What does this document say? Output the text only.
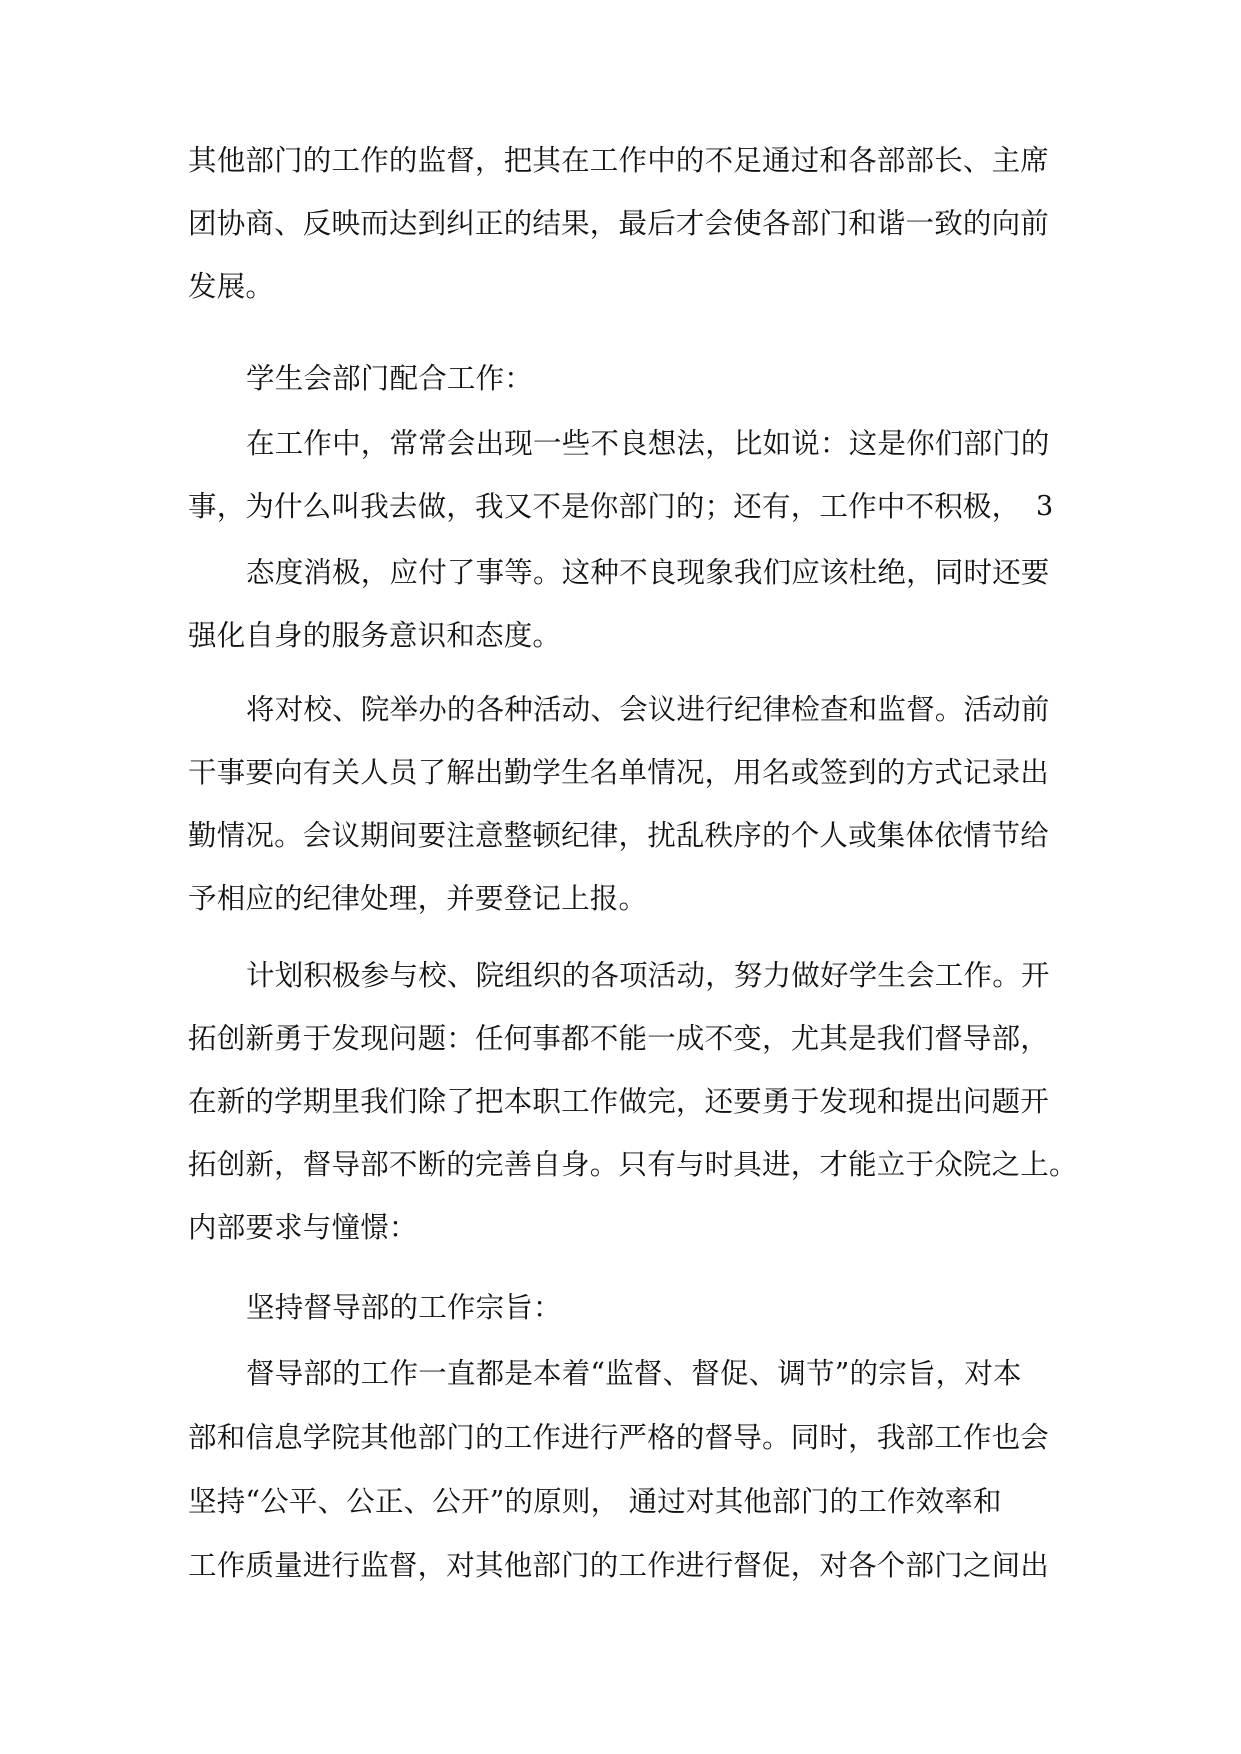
其他部门的工作的监督，把其在工作中的不足通过和各部部长、主席
团协商、反映而达到纠正的结果，最后才会使各部门和谐一致的向前
发展。
学生会部门配合工作：
在工作中，常常会出现一些不良想法，比如说：这是你们部门的
事，为什么叫我去做，我又不是你部门的；还有，工作中不积极， 3
态度消极，应付了事等。这种不良现象我们应该杜绝，同时还要
强化自身的服务意识和态度。
将对校、院举办的各种活动、会议进行纪律检查和监督。活动前
干事要向有关人员了解出勤学生名单情况，用名或签到的方式记录出
勤情况。会议期间要注意整顿纪律，扰乱秩序的个人或集体依情节给
予相应的纪律处理，并要登记上报。
计划积极参与校、院组织的各项活动，努力做好学生会工作。开
拓创新勇于发现问题：任何事都不能一成不变，尤其是我们督导部，
在新的学期里我们除了把本职工作做完，还要勇于发现和提出问题开
拓创新，督导部不断的完善自身。只有与时具进，才能立于众院之上。
内部要求与憧憬：
坚持督导部的工作宗旨：
督导部的工作一直都是本着“监督、督促、调节”的宗旨，对本
部和信息学院其他部门的工作进行严格的督导。同时，我部工作也会
坚持“公平、公正、公开”的原则， 通过对其他部门的工作效率和
工作质量进行监督，对其他部门的工作进行督促，对各个部门之间出
